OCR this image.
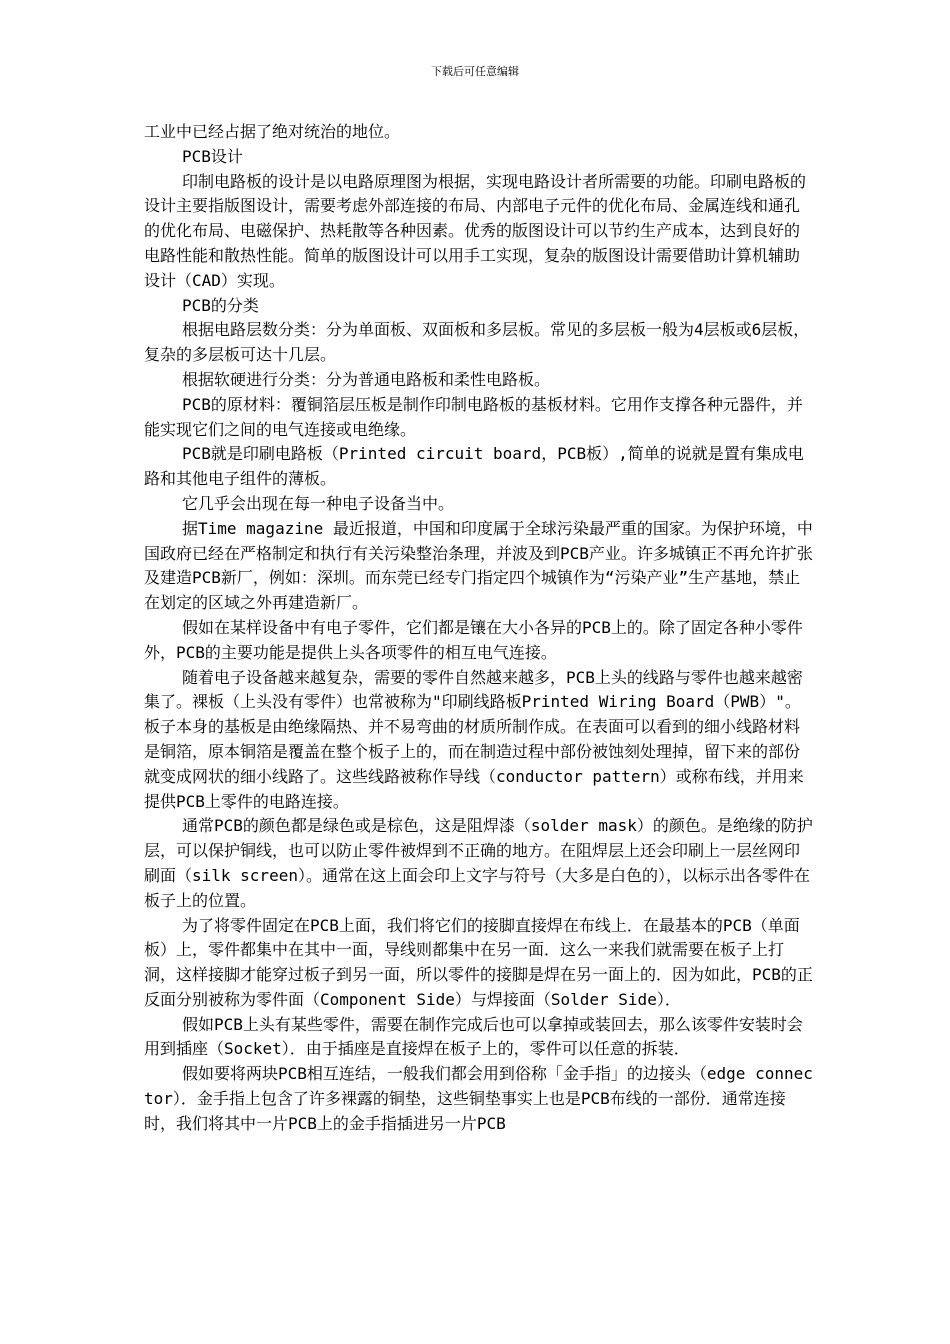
下载后可任意编辑

工业中已经占据了绝对统治的地位。

PCB设计

印制电路板的设计是以电路原理图为根据，实现电路设计者所需要的功能。印刷电路板的设计主要指版图设计，需要考虑外部连接的布局、内部电子元件的优化布局、金属连线和通孔的优化布局、电磁保护、热耗散等各种因素。优秀的版图设计可以节约生产成本，达到良好的电路性能和散热性能。简单的版图设计可以用手工实现，复杂的版图设计需要借助计算机辅助设计（CAD）实现。

PCB的分类

根据电路层数分类：分为单面板、双面板和多层板。常见的多层板一般为4层板或6层板，复杂的多层板可达十几层。

根据软硬进行分类：分为普通电路板和柔性电路板。

PCB的原材料：覆铜箔层压板是制作印制电路板的基板材料。它用作支撑各种元器件，并能实现它们之间的电气连接或电绝缘。

PCB就是印刷电路板（Printed circuit board，PCB板）,简单的说就是置有集成电路和其他电子组件的薄板。

它几乎会出现在每一种电子设备当中。

据Time magazine 最近报道，中国和印度属于全球污染最严重的国家。为保护环境，中国政府已经在严格制定和执行有关污染整治条理，并波及到PCB产业。许多城镇正不再允许扩张及建造PCB新厂，例如：深圳。而东莞已经专门指定四个城镇作为“污染产业”生产基地，禁止在划定的区域之外再建造新厂。

假如在某样设备中有电子零件，它们都是镶在大小各异的PCB上的。除了固定各种小零件外，PCB的主要功能是提供上头各项零件的相互电气连接。

随着电子设备越来越复杂，需要的零件自然越来越多，PCB上头的线路与零件也越来越密集了。裸板（上头没有零件）也常被称为"印刷线路板Printed Wiring Board（PWB）"。板子本身的基板是由绝缘隔热、并不易弯曲的材质所制作成。在表面可以看到的细小线路材料是铜箔，原本铜箔是覆盖在整个板子上的，而在制造过程中部份被蚀刻处理掉，留下来的部份就变成网状的细小线路了。这些线路被称作导线（conductor pattern）或称布线，并用来提供PCB上零件的电路连接。

通常PCB的颜色都是绿色或是棕色，这是阻焊漆（solder mask）的颜色。是绝缘的防护层，可以保护铜线，也可以防止零件被焊到不正确的地方。在阻焊层上还会印刷上一层丝网印刷面（silk screen）。通常在这上面会印上文字与符号（大多是白色的），以标示出各零件在板子上的位置。

为了将零件固定在PCB上面，我们将它们的接脚直接焊在布线上．在最基本的PCB（单面板）上，零件都集中在其中一面，导线则都集中在另一面．这么一来我们就需要在板子上打洞，这样接脚才能穿过板子到另一面，所以零件的接脚是焊在另一面上的．因为如此，PCB的正反面分别被称为零件面（Component Side）与焊接面（Solder Side）．

假如PCB上头有某些零件，需要在制作完成后也可以拿掉或装回去，那么该零件安装时会用到插座（Socket）．由于插座是直接焊在板子上的，零件可以任意的拆装．

假如要将两块PCB相互连结，一般我们都会用到俗称「金手指」的边接头（edge connector）．金手指上包含了许多裸露的铜垫，这些铜垫事实上也是PCB布线的一部份．通常连接时，我们将其中一片PCB上的金手指插进另一片PCB
